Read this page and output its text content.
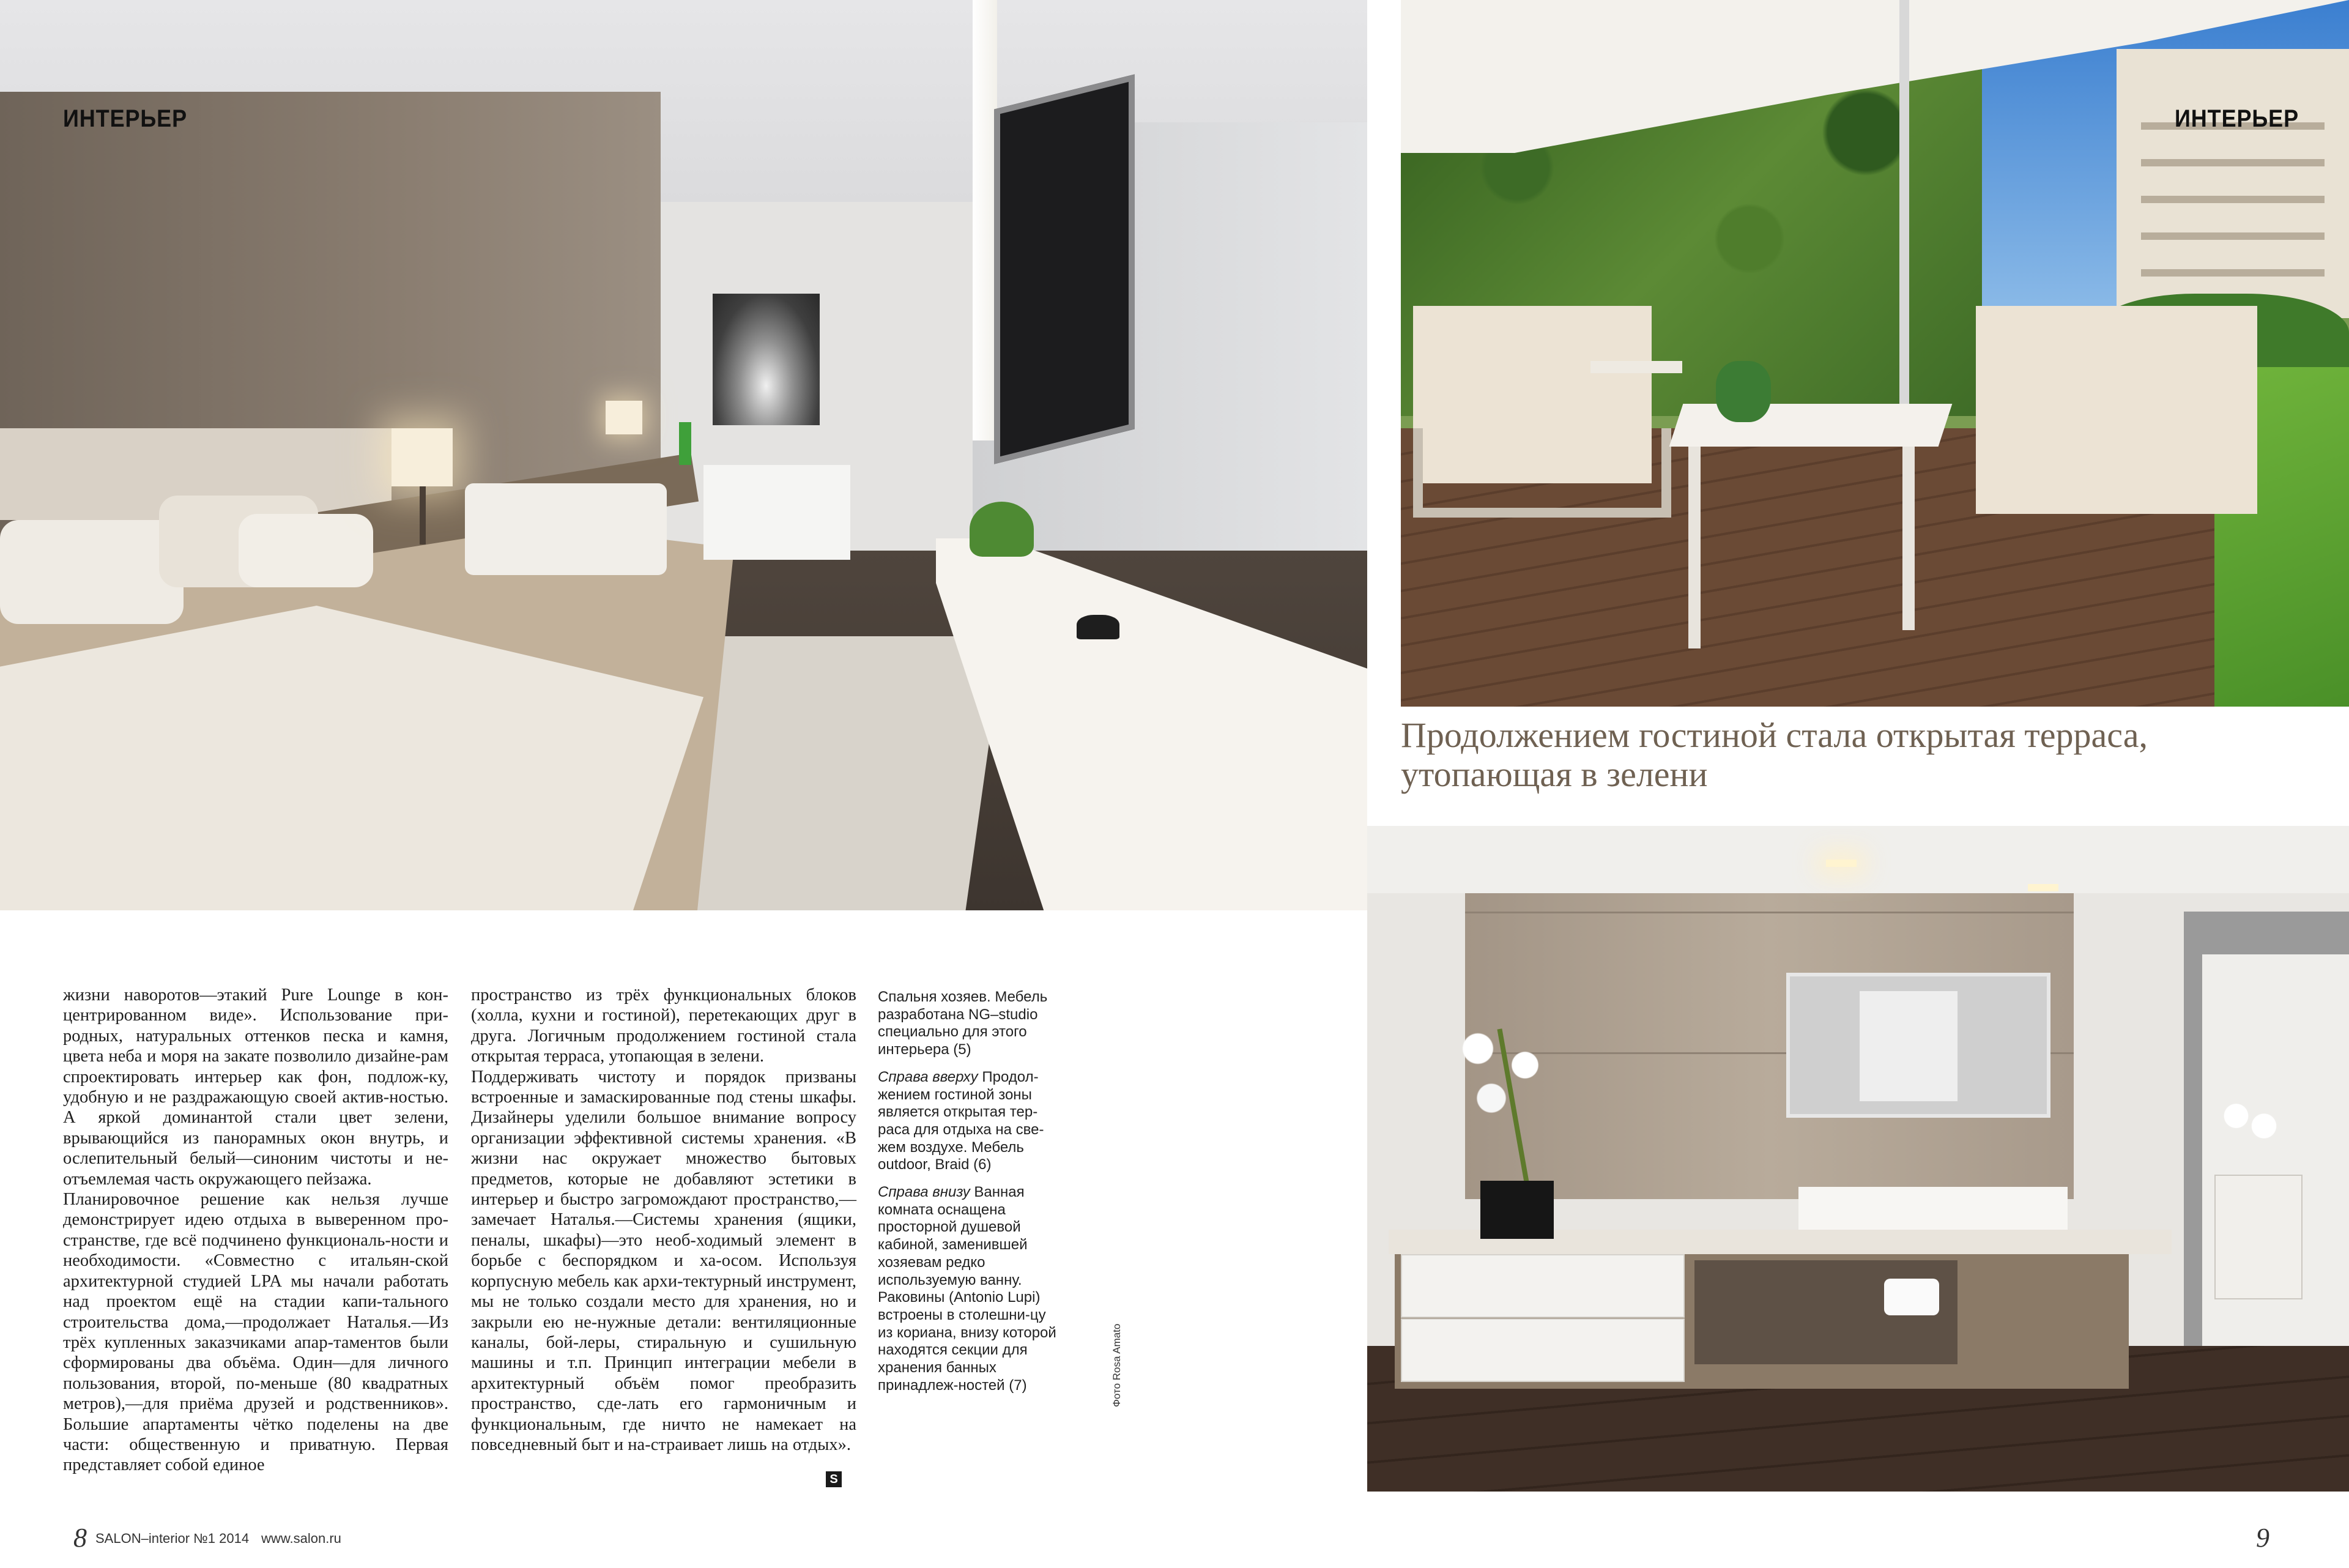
ИНТЕРЬЕР	ИНТЕРЬЕР
Продолжением гостиной стала открытая терраса, утопающая в зелени

жизни наворотов—этакий Pure Lounge в кон-центрированном виде». Использование при-родных, натуральных оттенков песка и камня, цвета неба и моря на закате позволило дизайне-рам спроектировать интерьер как фон, подлож-ку, удобную и не раздражающую своей актив-ностью. А яркой доминантой стали цвет зелени, врывающийся из панорамных окон внутрь, и ослепительный белый—синоним чистоты и не-отъемлемая часть окружающего пейзажа.

Планировочное решение как нельзя лучше демонстрирует идею отдыха в выверенном про-странстве, где всё подчинено функциональ-ности и необходимости. «Совместно с итальян-ской архитектурной студией LPA мы начали работать над проектом ещё на стадии капи-тального строительства дома,—продолжает Наталья.—Из трёх купленных заказчиками апар-таментов были сформированы два объёма. Один—для личного пользования, второй, по-меньше (80 квадратных метров),—для приёма друзей и родственников». Большие апартаменты чётко поделены на две части: общественную и приватную. Первая представляет собой единое

пространство из трёх функциональных блоков (холла, кухни и гостиной), перетекающих друг в друга. Логичным продолжением гостиной стала открытая терраса, утопающая в зелени.

Поддерживать чистоту и порядок призваны встроенные и замаскированные под стены шкафы. Дизайнеры уделили большое внимание вопросу организации эффективной системы хранения. «В жизни нас окружает множество бытовых предметов, которые не добавляют эстетики в интерьер и быстро загромождают пространство,—замечает Наталья.—Системы хранения (ящики, пеналы, шкафы)—это необ-ходимый элемент в борьбе с беспорядком и ха-осом. Используя корпусную мебель как архи-тектурный инструмент, мы не только создали место для хранения, но и закрыли ею не-нужные детали: вентиляционные каналы, бой-леры, стиральную и сушильную машины и т.п. Принцип интеграции мебели в архитектурный объём помог преобразить пространство, сде-лать его гармоничным и функциональным, где ничто не намекает на повседневный быт и на-страивает лишь на отдых».

S

Спальня хозяев. Мебель разработана NG–studio специально для этого интерьера (5)

Справа вверху Продол-жением гостиной зоны является открытая тер-раса для отдыха на све-жем воздухе. Мебель outdoor, Braid (6)

Справа внизу Ванная комната оснащена просторной душевой кабиной, заменившей хозяевам редко используемую ванну. Раковины (Antonio Lupi) встроены в столешни-цу из кориана, внизу которой находятся секции для хранения банных принадлеж-ностей (7)	Фото Rosa Amato
8 SALON–interior №1 2014 www.salon.ru	9
